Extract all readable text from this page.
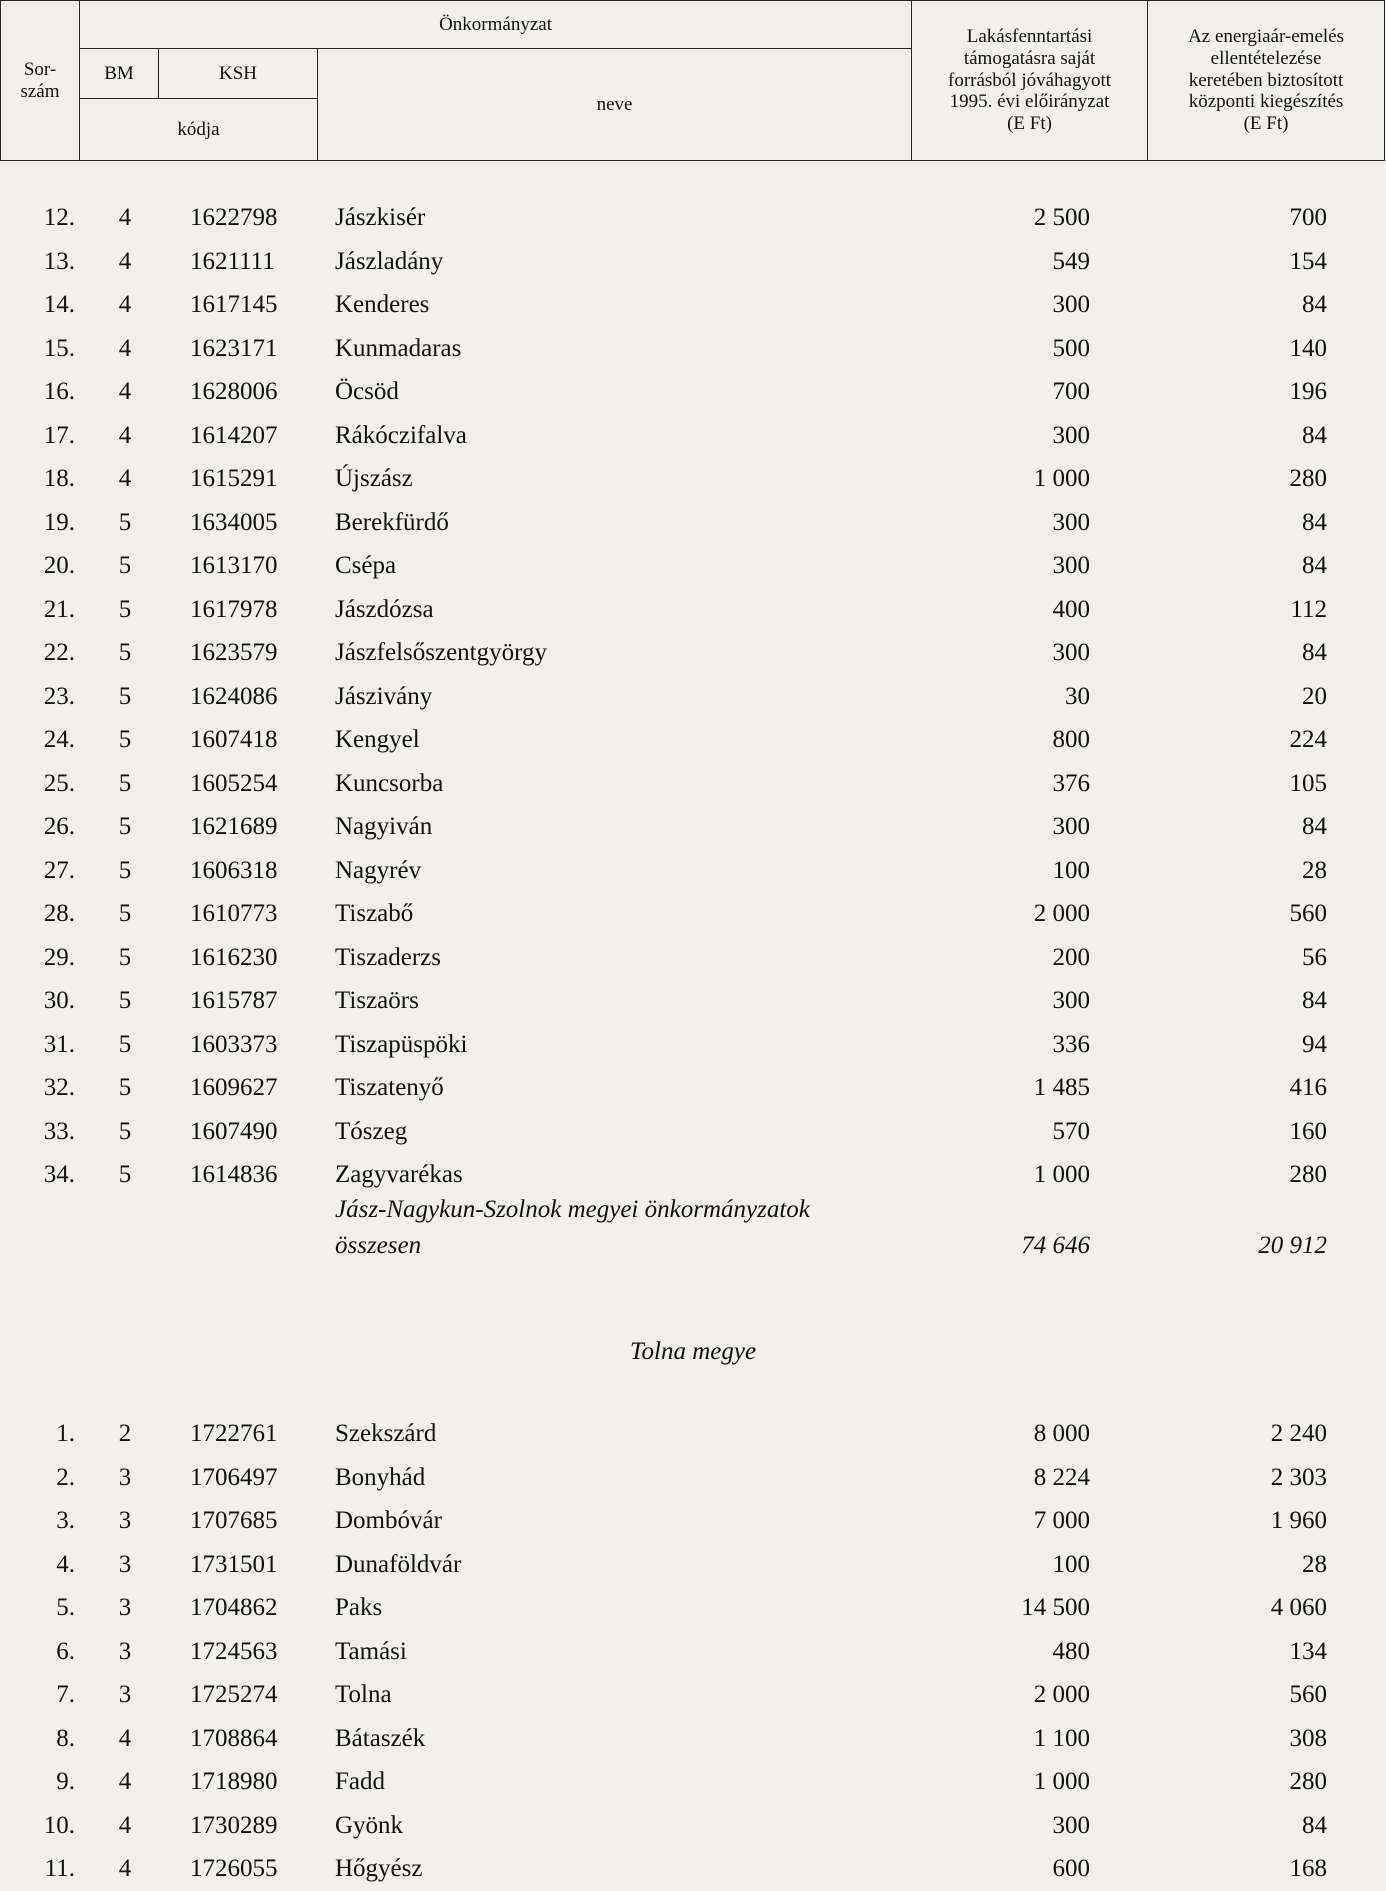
Sor-
szám	Önkormányzat			Lakásfenntartási
támogatásra saját
forrásból jóváhagyott
1995. évi előirányzat
(E Ft)	Az energiaár-emelés
ellentételezése
keretében biztosított
központi kiegészítés
(E Ft)
	BM	KSH	neve		
	kódja				
12.	4	1622798 Jászkisér	2 500	700
13.	4	1621111 Jászladány	549	154
14.	4	1617145 Kenderes	300	84
15.	4	1623171 Kunmadaras	500	140
16.	4	1628006 Öcsöd	700	196
17.	4	1614207 Rákóczifalva	300	84
18.	4	1615291 Újszász	1 000	280
19.	5	1634005 Berekfürdő	300	84
20.	5	1613170 Csépa	300	84
21.	5	1617978 Jászdózsa	400	112
22.	5	1623579 Jászfelsőszentgyörgy	300	84
23.	5	1624086 Jászivány	30	20
24.	5	1607418 Kengyel	800	224
25.	5	1605254 Kuncsorba	376	105
26.	5	1621689 Nagyiván	300	84
27.	5	1606318 Nagyrév	100	28
28.	5	1610773 Tiszabő	2 000	560
29.	5	1616230 Tiszaderzs	200	56
30.	5	1615787 Tiszaörs	300	84
31.	5	1603373 Tiszapüspöki	336	94
32.	5	1609627 Tiszatenyő	1 485	416
33.	5	1607490 Tószeg	570	160
34.	5	1614836 Zagyvarékas	1 000	280
Jász-Nagykun-Szolnok megyei önkormányzatok
összesen	74 646	20 912
Tolna megye
1.	2	1722761 Szekszárd	8 000	2 240
2.	3	1706497 Bonyhád	8 224	2 303
3.	3	1707685 Dombóvár	7 000	1 960
4.	3	1731501 Dunaföldvár	100	28
5.	3	1704862 Paks	14 500	4 060
6.	3	1724563 Tamási	480	134
7.	3	1725274 Tolna	2 000	560
8.	4	1708864 Bátaszék	1 100	308
9.	4	1718980 Fadd	1 000	280
10.	4	1730289 Gyönk	300	84
11.	4	1726055 Hőgyész	600	168
